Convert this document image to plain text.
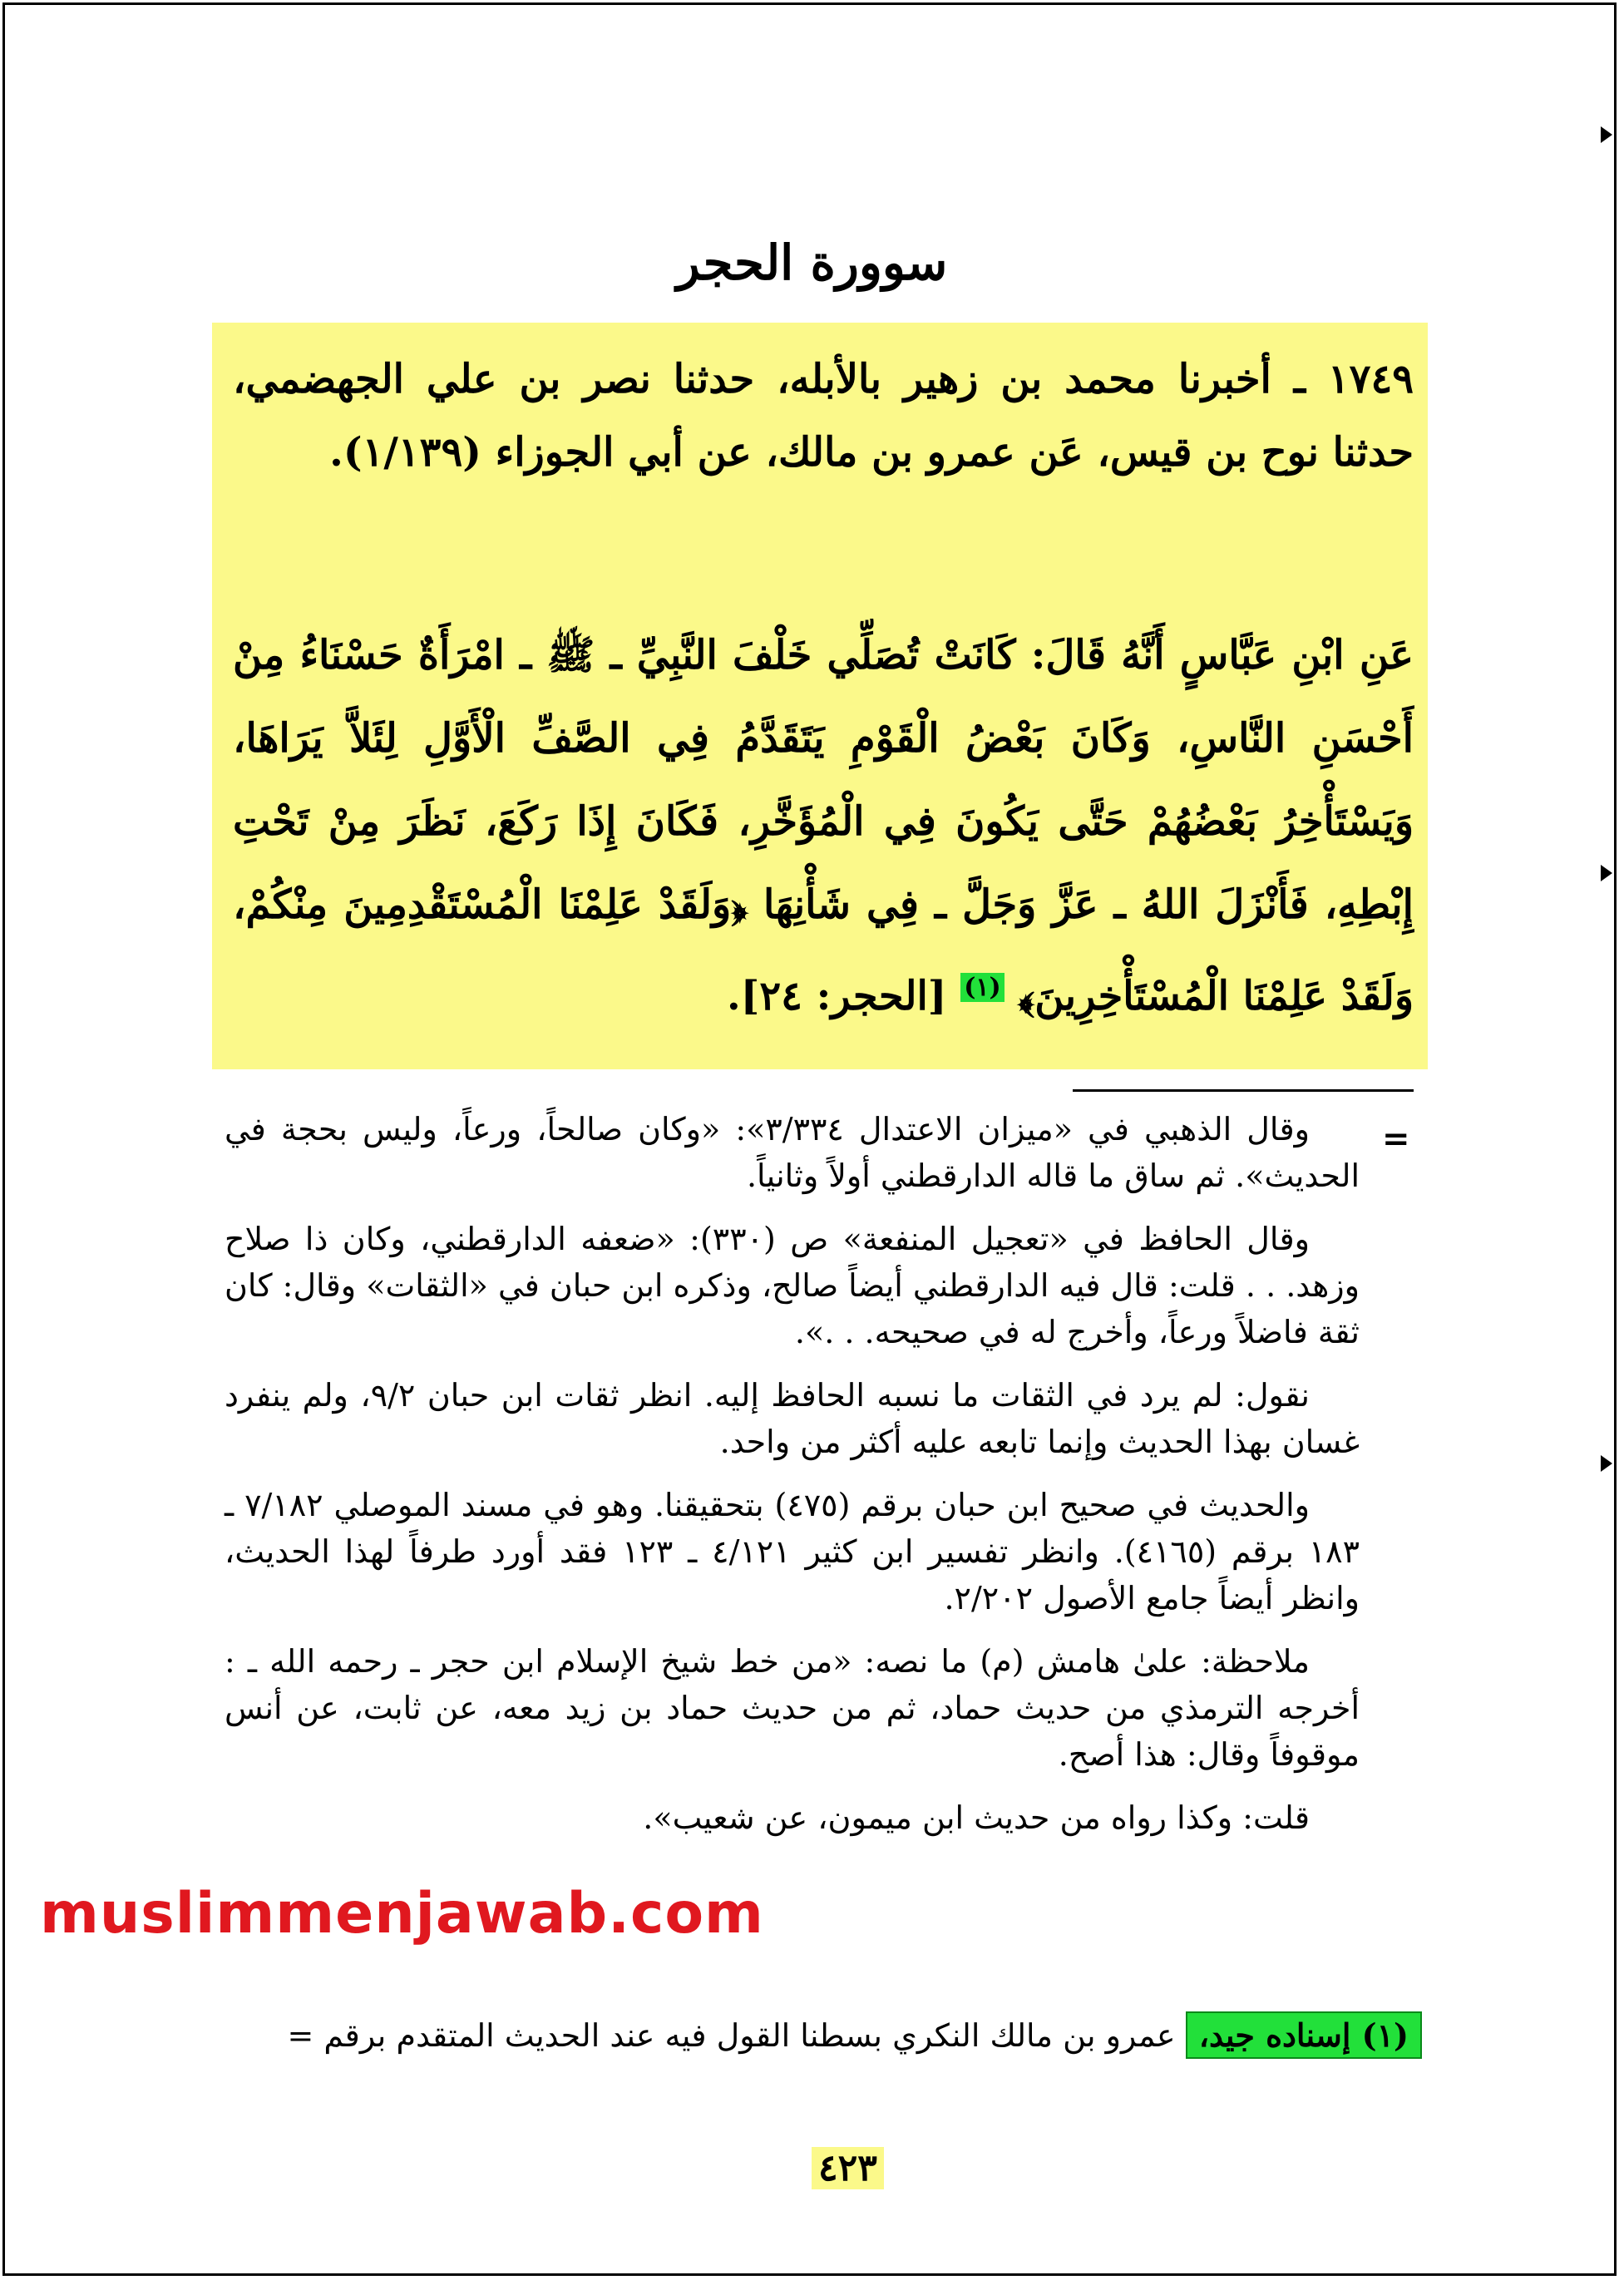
سوورة الحجر
١٧٤٩ ـ أخبرنا محمد بن زهير بالأبله، حدثنا نصر بن علي الجهضمي، حدثنا نوح بن قيس، عَن عمرو بن مالك، عن أبي الجوزاء (١/١٣٩).
عَنِ ابْنِ عَبَّاسٍ أَنَّهُ قَالَ: كَانَتْ تُصَلِّي خَلْفَ النَّبِيِّ ـ ﷺ ـ امْرَأَةٌ حَسْنَاءُ مِنْ أَحْسَنِ النَّاسِ، وَكَانَ بَعْضُ الْقَوْمِ يَتَقَدَّمُ فِي الصَّفِّ الْأَوَّلِ لِئَلاَّ يَرَاهَا، وَيَسْتَأْخِرُ بَعْضُهُمْ حَتَّى يَكُونَ فِي الْمُؤَخَّرِ، فَكَانَ إِذَا رَكَعَ، نَظَرَ مِنْ تَحْتِ إِبْطِهِ، فَأَنْزَلَ اللهُ ـ عَزَّ وَجَلَّ ـ فِي شَأْنِهَا ﴿وَلَقَدْ عَلِمْنَا الْمُسْتَقْدِمِينَ مِنْكُمْ، وَلَقَدْ عَلِمْنَا الْمُسْتَأْخِرِينَ﴾ $^{(١)}$ [الحجر: ٢٤].
=

وقال الذهبي في «ميزان الاعتدال ٣/٣٣٤»: «وكان صالحاً، ورعاً، وليس بحجة في الحديث». ثم ساق ما قاله الدارقطني أولاً وثانياً.

وقال الحافظ في «تعجيل المنفعة» ص (٣٣٠): «ضعفه الدارقطني، وكان ذا صلاح وزهد. . . قلت: قال فيه الدارقطني أيضاً صالح، وذكره ابن حبان في «الثقات» وقال: كان ثقة فاضلاً ورعاً، وأخرج له في صحيحه. . .».

نقول: لم يرد في الثقات ما نسبه الحافظ إليه. انظر ثقات ابن حبان ٩/٢، ولم ينفرد غسان بهذا الحديث وإنما تابعه عليه أكثر من واحد.

والحديث في صحيح ابن حبان برقم (٤٧٥) بتحقيقنا. وهو في مسند الموصلي ٧/١٨٢ ـ ١٨٣ برقم (٤١٦٥). وانظر تفسير ابن كثير ٤/١٢١ ـ ١٢٣ فقد أورد طرفاً لهذا الحديث، وانظر أيضاً جامع الأصول ٢/٢٠٢.

ملاحظة: علىٰ هامش (م) ما نصه: «من خط شيخ الإسلام ابن حجر ـ رحمه الله ـ : أخرجه الترمذي من حديث حماد، ثم من حديث حماد بن زيد معه، عن ثابت، عن أنس موقوفاً وقال: هذا أصح.

قلت: وكذا رواه من حديث ابن ميمون، عن شعيب».

(١) إسناده جيد، عمرو بن مالك النكري بسطنا القول فيه عند الحديث المتقدم برقم =
muslimmenjawab.com
٤٢٣
